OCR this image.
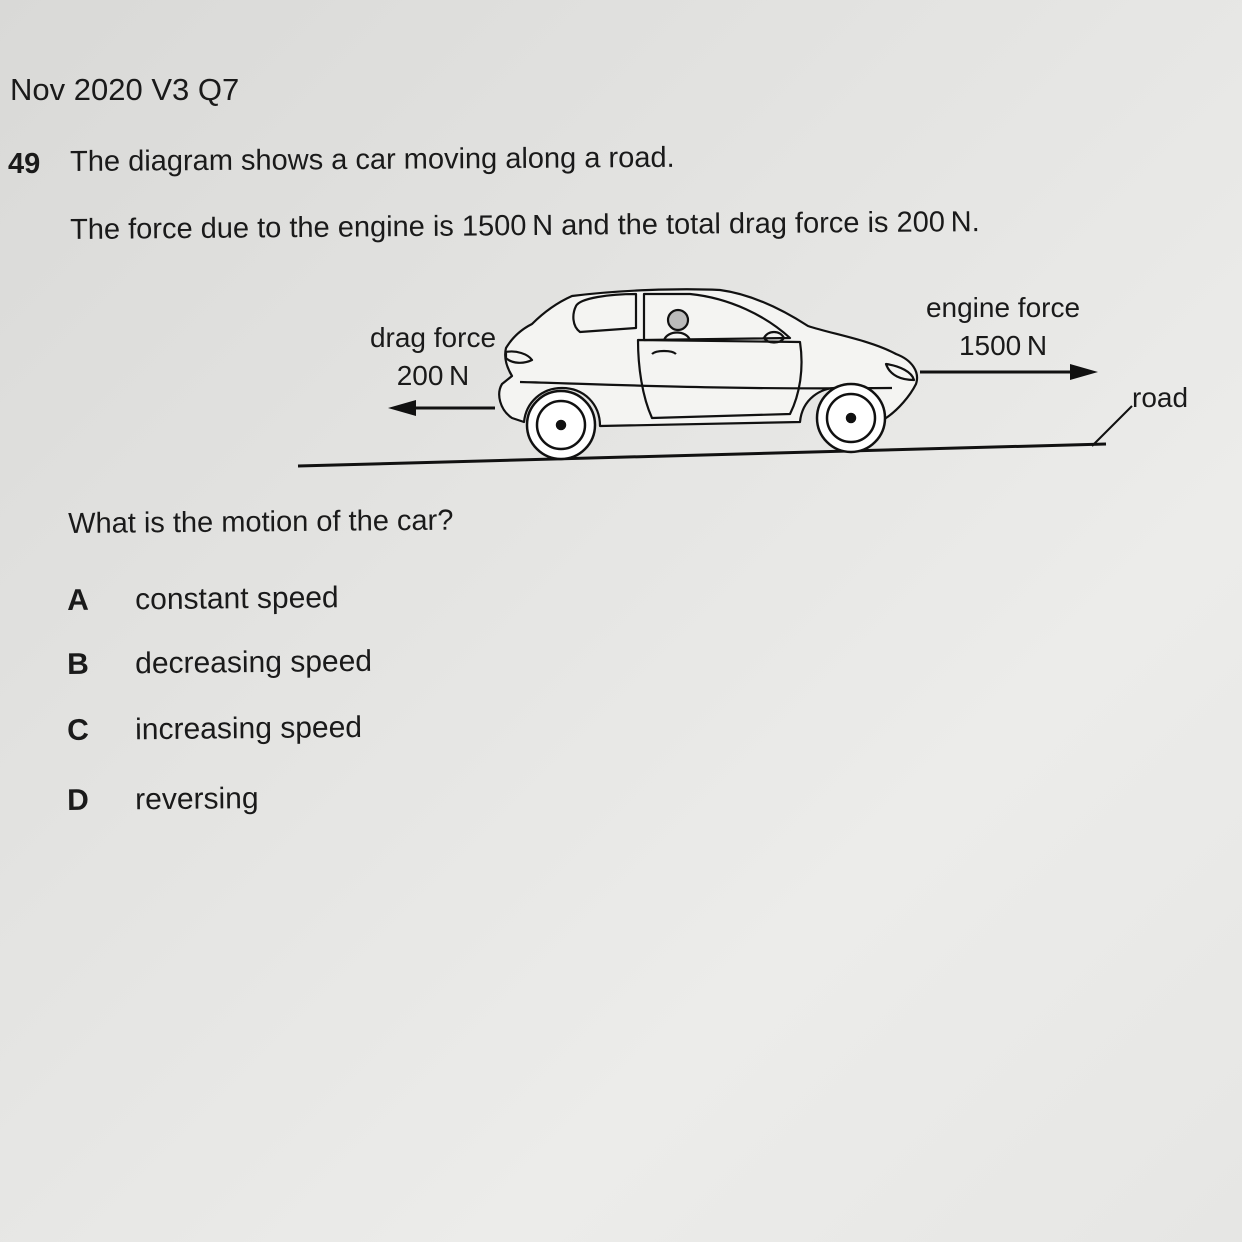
Nov 2020 V3 Q7
49 The diagram shows a car moving along a road.
The force due to the engine is 1500 N and the total drag force is 200 N.
drag force
200 N
engine force
1500 N
road
What is the motion of the car?
A	constant speed
B	decreasing speed
C	increasing speed
D	reversing
